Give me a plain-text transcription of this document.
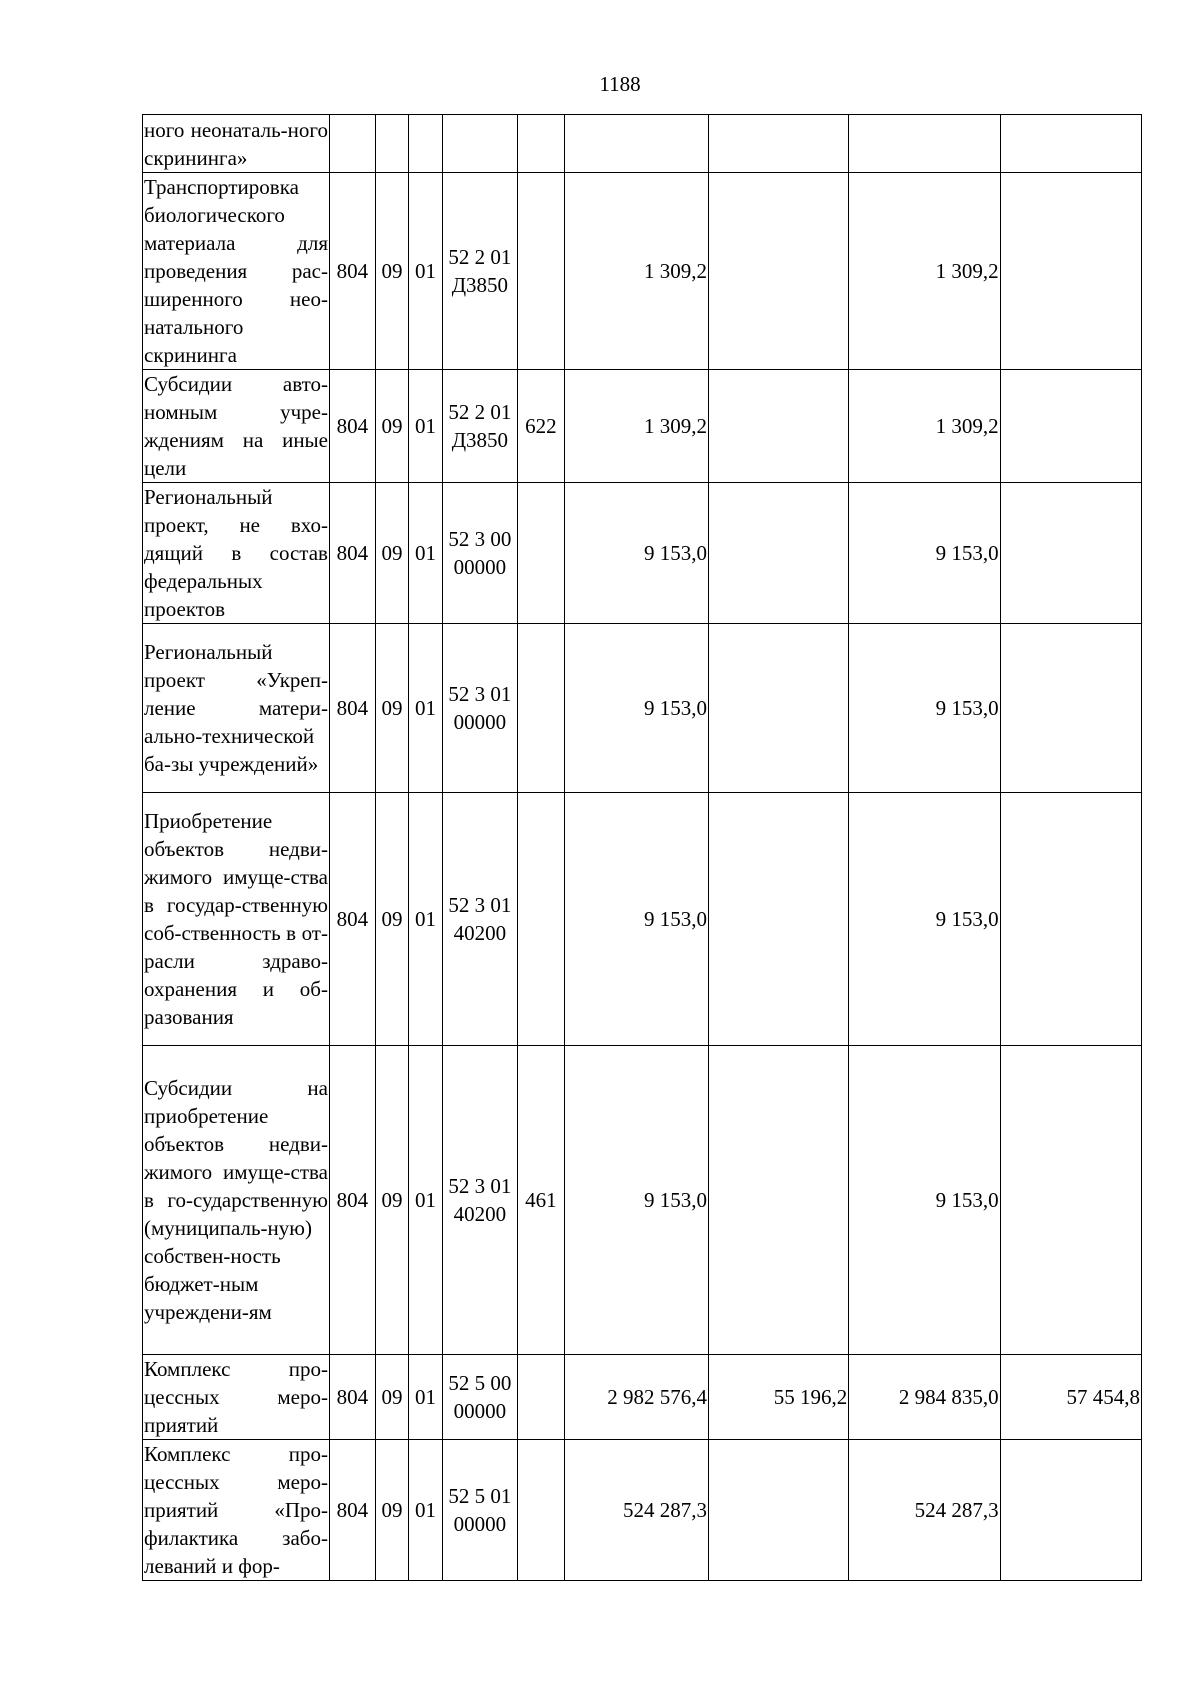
1188
ного неонаталь-ного скрининга»									
Транспортировка биологического материала для проведения рас-ширенного нео-натального скрининга	804	09	01	52 2 01 Д3850		1 309,2		1 309,2	
Субсидии авто-номным учре-ждениям на иные цели	804	09	01	52 2 01 Д3850	622	1 309,2		1 309,2	
Региональный проект, не вхо-дящий в состав федеральных проектов	804	09	01	52 3 00 00000		9 153,0		9 153,0	
Региональный проект «Укреп-ление матери-ально-технической ба-зы учреждений»	804	09	01	52 3 01 00000		9 153,0		9 153,0	
Приобретение объектов недви-жимого имуще-ства в государ-ственную соб-ственность в от-расли здраво-охранения и об-разования	804	09	01	52 3 01 40200		9 153,0		9 153,0	
Субсидии на приобретение объектов недви-жимого имуще-ства в го-сударственную (муниципаль-ную) собствен-ность бюджет-ным учреждени-ям	804	09	01	52 3 01 40200	461	9 153,0		9 153,0	
Комплекс про-цессных меро-приятий	804	09	01	52 5 00 00000		2 982 576,4	55 196,2	2 984 835,0	57 454,8
Комплекс про-цессных меро-приятий «Про-филактика забо-леваний и фор-	804	09	01	52 5 01 00000		524 287,3		524 287,3	
